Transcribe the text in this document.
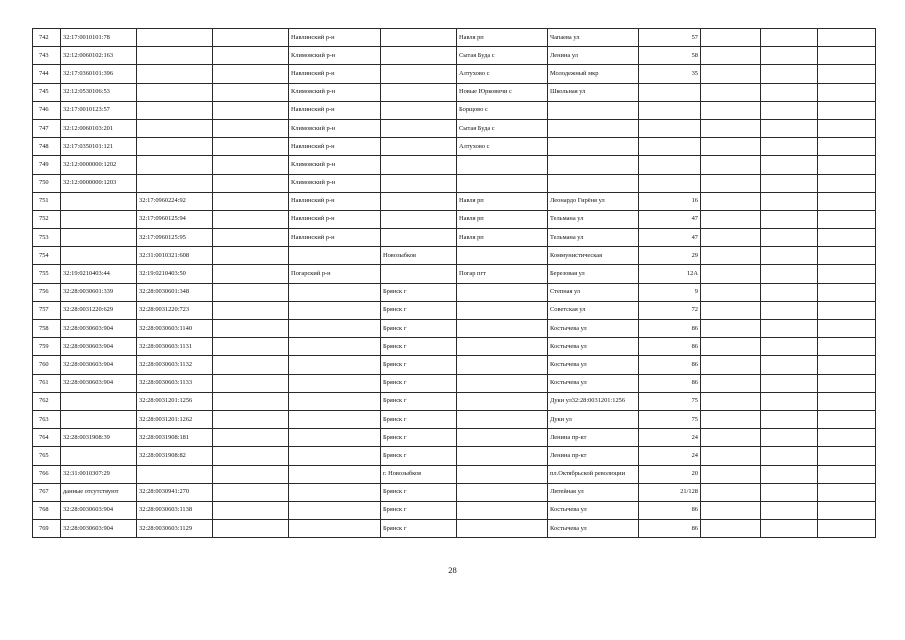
742	32:17:0010101:78			Навлинский р-н		Навля рп	Чапаева ул	57			
743	32:12:0060102:163			Климовский р-н		Сытая Буда с	Ленина ул	58			
744	32:17:0360101:396			Навлинский р-н		Алтухово с	Молодежный мкр	35			
745	32:12:0530106:53			Климовский р-н		Новые Юрковичи с	Школьная ул				
746	32:17:0010123:57			Навлинский р-н		Борщово с					
747	32:12:0060103:201			Климовский р-н		Сытая Буда с					
748	32:17:0350101:121			Навлинский р-н		Алтухово с					
749	32:12:0000000:1202			Климовский р-н							
750	32:12:0000000:1203			Климовский р-н							
751		32:17:0960224:92		Навлинский р-н		Навля рп	Леонардо Гирёня ул	16			
752		32:17:0960125:94		Навлинский р-н		Навля рп	Тельмана ул	47			
753		32:17:0960125:95		Навлинский р-н		Навля рп	Тельмана ул	47			
754		32:31:0010321:608			Новозыбков		Коммунистическая	29			
755	32:19:0210403:44	32:19:0210403:50		Погарский р-н		Погар пгт	Березовая ул	12А			
756	32:28:0030601:339	32:28:0030601:348			Брянск г		Степная ул	9			
757	32:28:0031220:629	32:28:0031220:723			Брянск г		Советская ул	72			
758	32:28:0030603:904	32:28:0030603:1140			Брянск г		Костычева ул	86			
759	32:28:0030603:904	32:28:0030603:1131			Брянск г		Костычева ул	86			
760	32:28:0030603:904	32:28:0030603:1132			Брянск г		Костычева ул	86			
761	32:28:0030603:904	32:28:0030603:1133			Брянск г		Костычева ул	86			
762		32:28:0031201:1256			Брянск г		Дуки ул32:28:0031201:1256	75			
763		32:28:0031201:1262			Брянск г		Дуки ул	75			
764	32:28:0031908:39	32:28:0031908:181			Брянск г		Ленина пр-кт	24			
765		32:28:0031908:82			Брянск г		Ленина пр-кт	24			
766	32:31:0010307:29				г. Новозыбков		пл.Октябрьской революции	20			
767	данные отсутствуют	32:28:0030941:270			Брянск г		Литейная ул	21/128			
768	32:28:0030603:904	32:28:0030603:1138			Брянск г		Костычева ул	86			
769	32:28:0030603:904	32:28:0030603:1129			Брянск г		Костычева ул	86			
28
